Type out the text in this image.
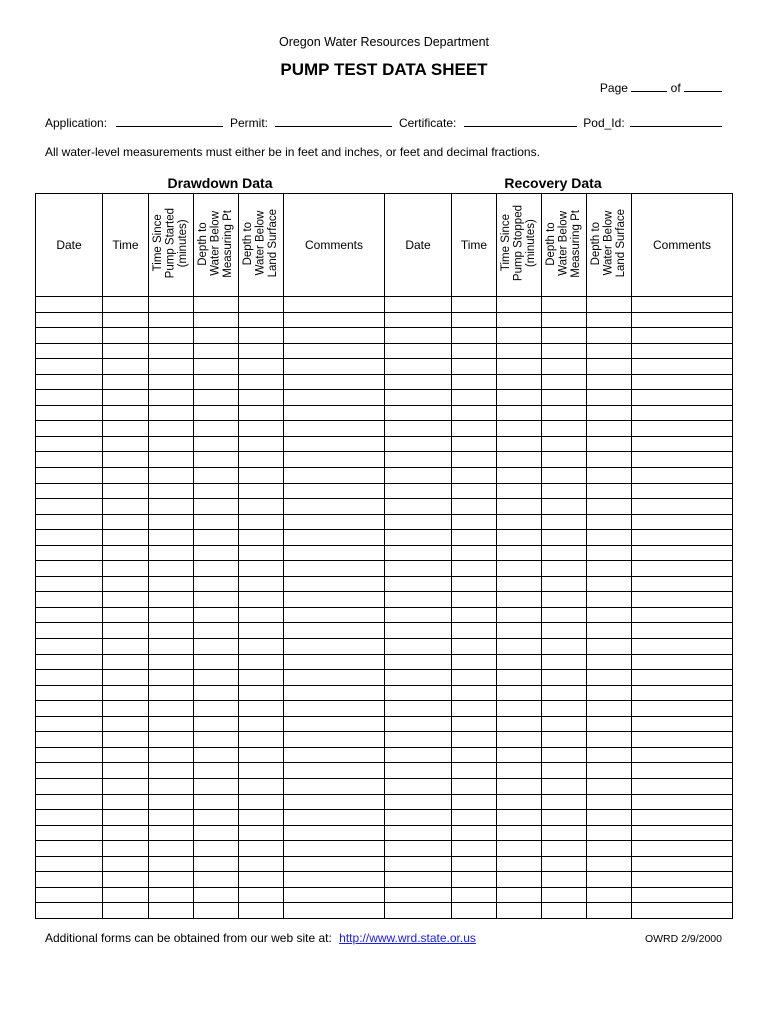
Oregon Water Resources Department
PUMP TEST DATA SHEET
Page	of
Application:	Permit:	Certificate:	Pod_Id:
All water-level measurements must either be in feet and inches, or feet and decimal fractions.
Drawdown Data	Recovery Data
Date	Time	Time Since Pump Started (minutes)	Depth to Water Below Measuring Pt	Depth to Water Below Land Surface	Comments	Date	Time	Time Since Pump Stopped (minutes)	Depth to Water Below Measuring Pt	Depth to Water Below Land Surface	Comments

Additional forms can be obtained from our web site at: http://www.wrd.state.or.us	OWRD 2/9/2000
